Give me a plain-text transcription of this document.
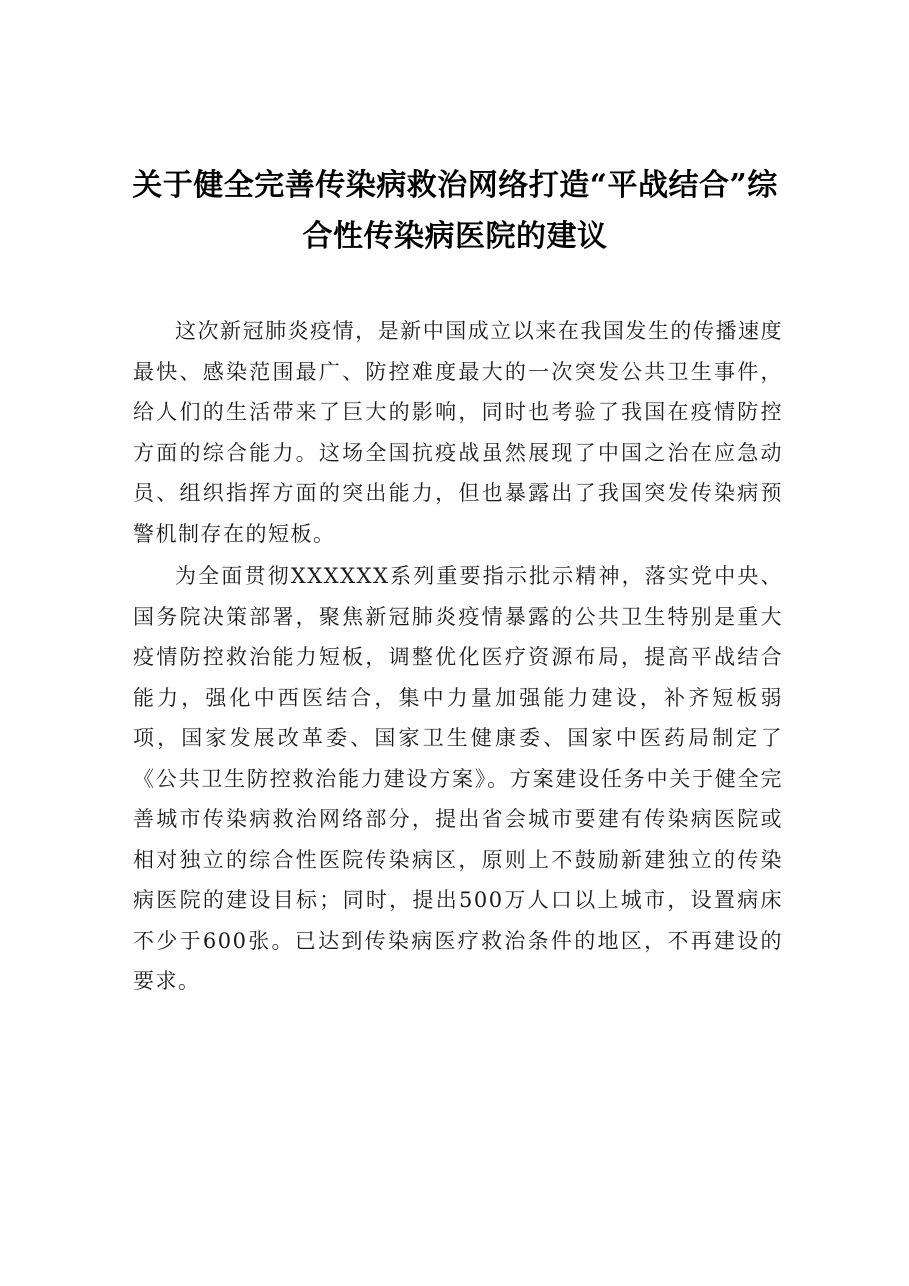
关于健全完善传染病救治网络打造“平战结合”综合性传染病医院的建议

这次新冠肺炎疫情，是新中国成立以来在我国发生的传播速度最快、感染范围最广、防控难度最大的一次突发公共卫生事件，给人们的生活带来了巨大的影响，同时也考验了我国在疫情防控方面的综合能力。这场全国抗疫战虽然展现了中国之治在应急动员、组织指挥方面的突出能力，但也暴露出了我国突发传染病预警机制存在的短板。

为全面贯彻XXXXXX系列重要指示批示精神，落实党中央、国务院决策部署，聚焦新冠肺炎疫情暴露的公共卫生特别是重大疫情防控救治能力短板，调整优化医疗资源布局，提高平战结合能力，强化中西医结合，集中力量加强能力建设，补齐短板弱项，国家发展改革委、国家卫生健康委、国家中医药局制定了《公共卫生防控救治能力建设方案》。方案建设任务中关于健全完善城市传染病救治网络部分，提出省会城市要建有传染病医院或相对独立的综合性医院传染病区，原则上不鼓励新建独立的传染病医院的建设目标；同时，提出500万人口以上城市，设置病床不少于600张。已达到传染病医疗救治条件的地区，不再建设的要求。
